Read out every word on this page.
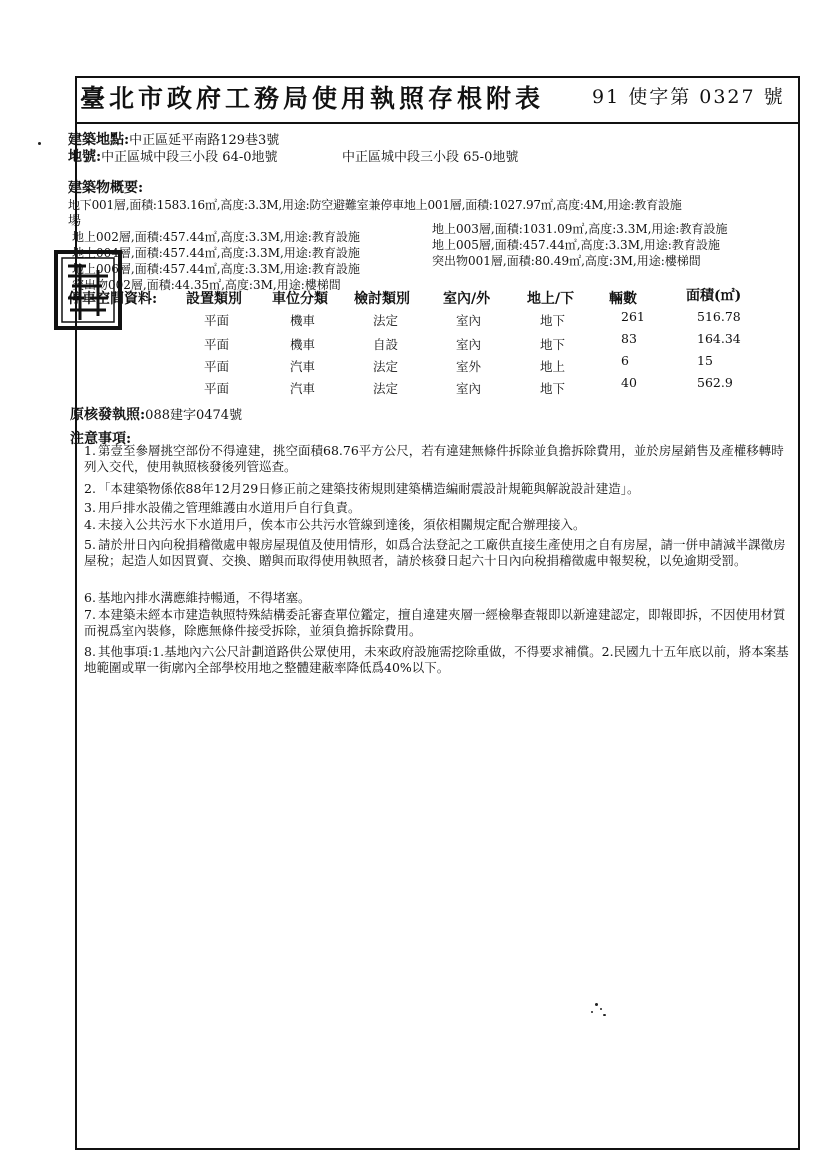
臺北市政府工務局使用執照存根附表	91 使字第 0327 號
建築地點:中正區延平南路129巷3號
地號:中正區城中段三小段 64-0地號	中正區城中段三小段 65-0地號
建築物概要:
地下001層,面積:1583.16㎡,高度:3.3M,用途:防空避難室兼停車地上001層,面積:1027.97㎡,高度:4M,用途:教育設施
場
地上002層,面積:457.44㎡,高度:3.3M,用途:教育設施
地上004層,面積:457.44㎡,高度:3.3M,用途:教育設施
地上006層,面積:457.44㎡,高度:3.3M,用途:教育設施
突出物002層,面積:44.35㎡,高度:3M,用途:樓梯間
地上003層,面積:1031.09㎡,高度:3.3M,用途:教育設施
地上005層,面積:457.44㎡,高度:3.3M,用途:教育設施
突出物001層,面積:80.49㎡,高度:3M,用途:樓梯間
停車空間資料: 設置類別 車位分類 檢討類別 室內/外	地上/下 輛數	面積(㎡)
平面	機車	法定	室內	地下	261	516.78
平面	機車	自設	室內	地下	83	164.34
平面	汽車	法定	室外	地上	6	15
平面	汽車	法定	室內	地下	40	562.9
原核發執照:088建字0474號
注意事項:
1. 第壹至參層挑空部份不得違建，挑空面積68.76平方公尺，若有違建無條件拆除並負擔拆除費用，並於房屋銷售及產權移轉時列入交代，使用執照核發後列管巡查。
2. 「本建築物係依88年12月29日修正前之建築技術規則建築構造編耐震設計規範與解說設計建造」。
3. 用戶排水設備之管理維護由水道用戶自行負責。
4. 未接入公共污水下水道用戶，俟本市公共污水管線到達後，須依相關規定配合辦理接入。
5. 請於卅日內向稅捐稽徵處申報房屋現值及使用情形，如爲合法登記之工廠供直接生產使用之自有房屋，請一併申請減半課徵房屋稅；起造人如因買賣、交換、贈與而取得使用執照者，請於核發日起六十日內向稅捐稽徵處申報契稅，以免逾期受罰。
6. 基地內排水溝應維持暢通，不得堵塞。
7. 本建築未經本市建造執照特殊結構委託審查單位鑑定，擅自違建夾層一經檢舉查報即以新違建認定，即報即拆，不因使用材質而視爲室內裝修，除應無條件接受拆除，並須負擔拆除費用。
8. 其他事項:1.基地內六公尺計劃道路供公眾使用，未來政府設施需挖除重做，不得要求補償。2.民國九十五年底以前，將本案基地範圍或單一街廓內全部學校用地之整體建蔽率降低爲40%以下。
